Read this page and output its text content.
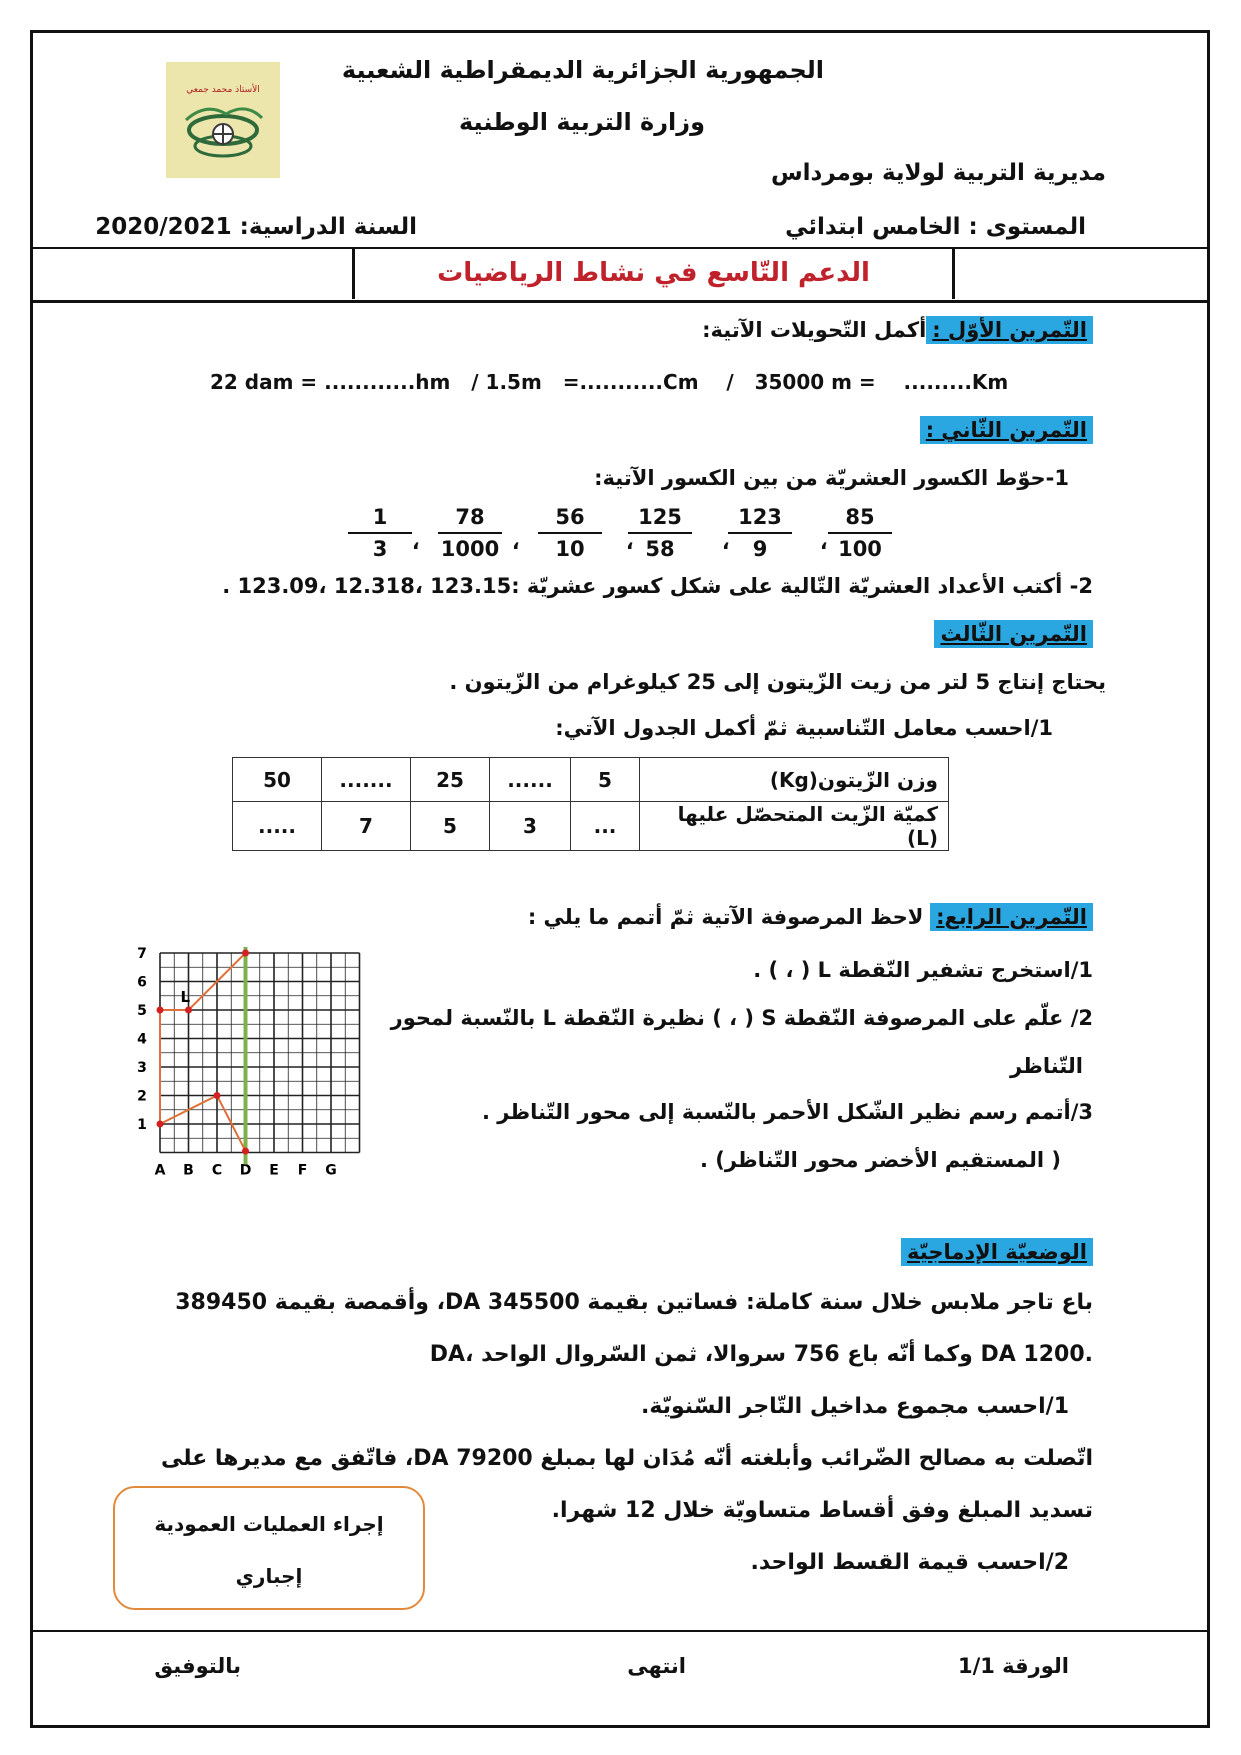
الأستاذ محمد جمعي
الجمهورية الجزائرية الديمقراطية الشعبية
وزارة التربية الوطنية
مديرية التربية لولاية بومرداس
المستوى : الخامس ابتدائي
السنة الدراسية: 2020/2021
الدعم التّاسع في نشاط الرياضيات
التّمرين الأوّل :أكمل التّحويلات الآتية:
22 dam = ............hm   / 1.5m   =...........Cm    /   35000 m =    .........Km
التّمرين الثّاني :
1-حوّط الكسور العشريّة من بين الكسور الآتية:
$\frac{85}{100}$
$\frac{123}{9}$
$\frac{125}{58}$
$\frac{56}{10}$
$\frac{78}{1000}$
$\frac{1}{3}$	،
،
،
،
،
2- أكتب الأعداد العشريّة التّالية على شكل كسور عشريّة :123.15 ،12.318 ،123.09 .
التّمرين الثّالث
يحتاج إنتاج 5 لتر من زيت الزّيتون إلى 25 كيلوغرام من الزّيتون .
1/احسب معامل التّناسبية ثمّ أكمل الجدول الآتي:
وزن الزّيتون(Kg)	5	......	25	.......	50
كميّة الزّيت المتحصّل عليها (L)	...	3	5	7	.....
التّمرين الرابع: لاحظ المرصوفة الآتية ثمّ أتمم ما يلي :
1/استخرج تشفير النّقطة L ( ، ) .
2/ علّم على المرصوفة النّقطة S ( ، ) نظيرة النّقطة L بالنّسبة لمحور
التّناظر
3/أتمم رسم نظير الشّكل الأحمر بالنّسبة إلى محور التّناظر .
( المستقيم الأخضر محور التّناظر) .
A B C D E F G
1
2
3
4
5
6
7
L
الوضعيّة الإدماجيّة
باع تاجر ملابس خلال سنة كاملة: فساتين بقيمة DA 345500، وأقمصة بقيمة 389450
DA، وكما أنّه باع 756 سروالا، ثمن السّروال الواحد DA 1200.
1/احسب مجموع مداخيل التّاجر السّنويّة.
اتّصلت به مصالح الضّرائب وأبلغته أنّه مُدَان لها بمبلغ DA 79200، فاتّفق مع مديرها على
تسديد المبلغ وفق أقساط متساويّة خلال 12 شهرا.
2/احسب قيمة القسط الواحد.
إجراء العمليات العمودية
إجباري
الورقة 1/1
انتهى
بالتوفيق
